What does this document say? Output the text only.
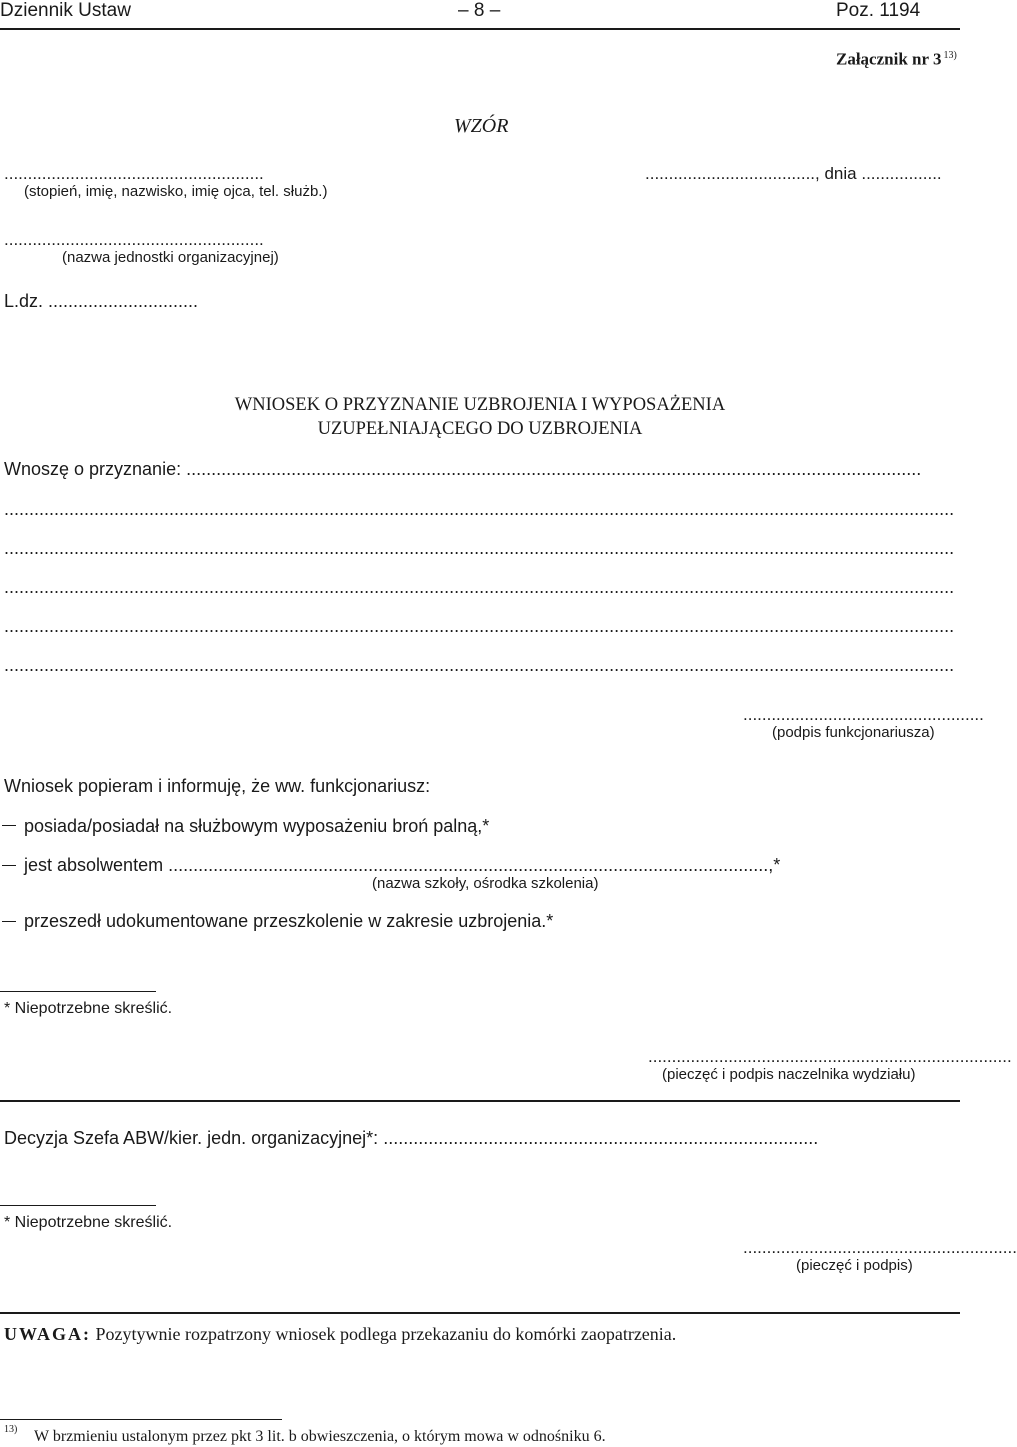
Dziennik Ustaw	– 8 –	Poz. 1194
Załącznik nr 3 $^{13)}$
WZÓR
.......................................................
(stopień, imię, nazwisko, imię ojca, tel. służb.)
...................................., dnia .................
.......................................................
(nazwa jednostki organizacyjnej)
L.dz. ..............................
WNIOSEK O PRZYZNANIE UZBROJENIA I WYPOSAŻENIA
UZUPEŁNIAJĄCEGO DO UZBROJENIA
Wnoszę o przyznanie: ...................................................................................................................................................
..............................................................................................................................................................................................
..............................................................................................................................................................................................
..............................................................................................................................................................................................
..............................................................................................................................................................................................
..............................................................................................................................................................................................
...................................................
(podpis funkcjonariusza)
Wniosek popieram i informuję, że ww. funkcjonariusz:
posiada/posiadał na służbowym wyposażeniu broń palną,*
jest absolwentem ........................................................................................................................,*
(nazwa szkoły, ośrodka szkolenia)
przeszedł udokumentowane przeszkolenie w zakresie uzbrojenia.*
* Niepotrzebne skreślić.
.............................................................................
(pieczęć i podpis naczelnika wydziału)
Decyzja Szefa ABW/kier. jedn. organizacyjnej*: .......................................................................................
* Niepotrzebne skreślić.
..........................................................
(pieczęć i podpis)
UWAGA: Pozytywnie rozpatrzony wniosek podlega przekazaniu do komórki zaopatrzenia.
13) W brzmieniu ustalonym przez pkt 3 lit. b obwieszczenia, o którym mowa w odnośniku 6.
